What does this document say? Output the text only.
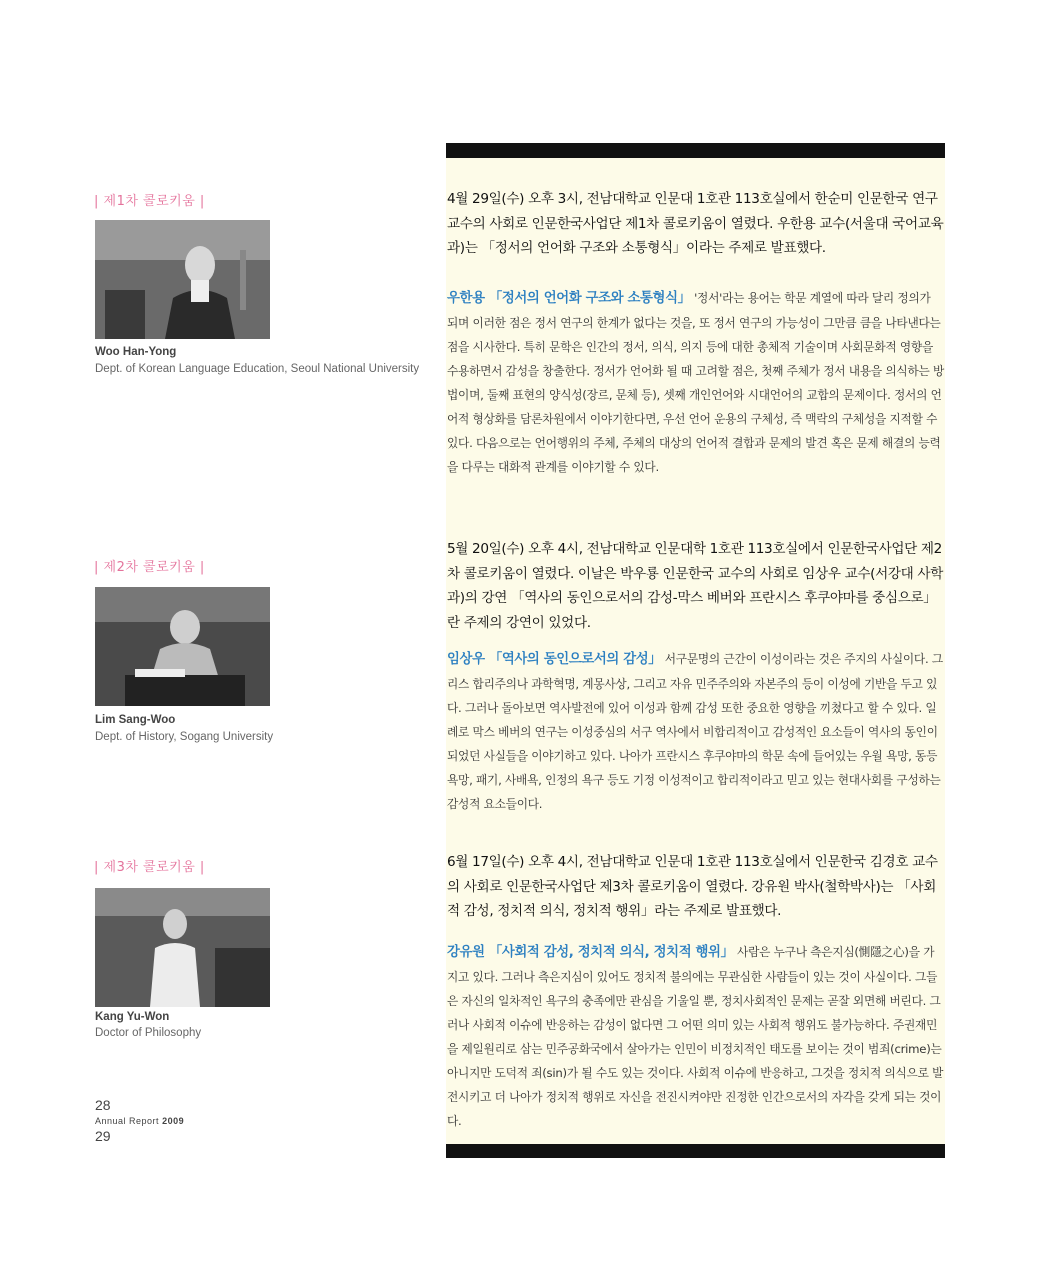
| 제1차 콜로키움 |
Woo Han-Yong
Dept. of Korean Language Education, Seoul National University
4월 29일(수) 오후 3시, 전남대학교 인문대 1호관 113호실에서 한순미 인문한국 연구교수의 사회로 인문한국사업단 제1차 콜로키움이 열렸다. 우한용 교수(서울대 국어교육과)는 「정서의 언어화 구조와 소통형식」이라는 주제로 발표했다.
우한용 「정서의 언어화 구조와 소통형식」 '정서'라는 용어는 학문 계열에 따라 달리 정의가 되며 이러한 점은 정서 연구의 한계가 없다는 것을, 또 정서 연구의 가능성이 그만큼 큼을 나타낸다는 점을 시사한다. 특히 문학은 인간의 정서, 의식, 의지 등에 대한 총체적 기술이며 사회문화적 영향을 수용하면서 감성을 창출한다. 정서가 언어화 될 때 고려할 점은, 첫째 주체가 정서 내용을 의식하는 방법이며, 둘째 표현의 양식성(장르, 문체 등), 셋째 개인언어와 시대언어의 교합의 문제이다. 정서의 언어적 형상화를 담론차원에서 이야기한다면, 우선 언어 운용의 구체성, 즉 맥락의 구체성을 지적할 수 있다. 다음으로는 언어행위의 주체, 주체의 대상의 언어적 결합과 문제의 발견 혹은 문제 해결의 능력을 다루는 대화적 관계를 이야기할 수 있다.
| 제2차 콜로키움 |
Lim Sang-Woo
Dept. of History, Sogang University
5월 20일(수) 오후 4시, 전남대학교 인문대학 1호관 113호실에서 인문한국사업단 제2차 콜로키움이 열렸다. 이날은 박우룡 인문한국 교수의 사회로 임상우 교수(서강대 사학과)의 강연 「역사의 동인으로서의 감성-막스 베버와 프란시스 후쿠야마를 중심으로」란 주제의 강연이 있었다.
임상우 「역사의 동인으로서의 감성」 서구문명의 근간이 이성이라는 것은 주지의 사실이다. 그리스 합리주의나 과학혁명, 계몽사상, 그리고 자유 민주주의와 자본주의 등이 이성에 기반을 두고 있다. 그러나 돌아보면 역사발전에 있어 이성과 함께 감성 또한 중요한 영향을 끼쳤다고 할 수 있다. 일례로 막스 베버의 연구는 이성중심의 서구 역사에서 비합리적이고 감성적인 요소들이 역사의 동인이 되었던 사실들을 이야기하고 있다. 나아가 프란시스 후쿠야마의 학문 속에 들어있는 우월 욕망, 동등 욕망, 패기, 사배욕, 인정의 욕구 등도 기정 이성적이고 합리적이라고 믿고 있는 현대사회를 구성하는 감성적 요소들이다.
| 제3차 콜로키움 |
Kang Yu-Won
Doctor of Philosophy
6월 17일(수) 오후 4시, 전남대학교 인문대 1호관 113호실에서 인문한국 김경호 교수의 사회로 인문한국사업단 제3차 콜로키움이 열렸다. 강유원 박사(철학박사)는 「사회적 감성, 정치적 의식, 정치적 행위」라는 주제로 발표했다.
강유원 「사회적 감성, 정치적 의식, 정치적 행위」 사람은 누구나 측은지심(惻隱之心)을 가지고 있다. 그러나 측은지심이 있어도 정치적 불의에는 무관심한 사람들이 있는 것이 사실이다. 그들은 자신의 일차적인 욕구의 충족에만 관심을 기울일 뿐, 정치사회적인 문제는 곧잘 외면해 버린다. 그러나 사회적 이슈에 반응하는 감성이 없다면 그 어떤 의미 있는 사회적 행위도 불가능하다. 주권재민을 제일원리로 삼는 민주공화국에서 살아가는 인민이 비정치적인 태도를 보이는 것이 범죄(crime)는 아니지만 도덕적 죄(sin)가 될 수도 있는 것이다. 사회적 이슈에 반응하고, 그것을 정치적 의식으로 발전시키고 더 나아가 정치적 행위로 자신을 전진시켜야만 진정한 인간으로서의 자각을 갖게 되는 것이다.
28
Annual Report 2009
29
